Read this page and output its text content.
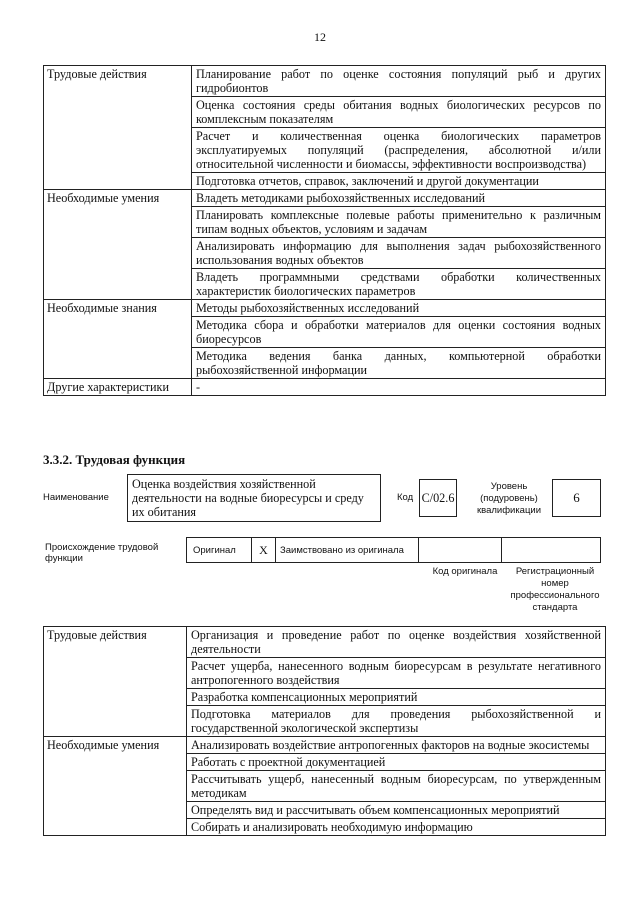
12
Трудовые действия	Планирование работ по оценке состояния популяций рыб и других гидробионтов
	Оценка состояния среды обитания водных биологических ресурсов по комплексным показателям
	Расчет и количественная оценка биологических параметров эксплуатируемых популяций (распределения, абсолютной и/или относительной численности и биомассы, эффективности воспроизводства)
	Подготовка отчетов, справок, заключений и другой документации
Необходимые умения	Владеть методиками рыбохозяйственных исследований
	Планировать комплексные полевые работы применительно к различным типам водных объектов, условиям и задачам
	Анализировать информацию для выполнения задач рыбохозяйственного использования водных объектов
	Владеть программными средствами обработки количественных характеристик биологических параметров
Необходимые знания	Методы рыбохозяйственных исследований
	Методика сбора и обработки материалов для оценки состояния водных биоресурсов
	Методика ведения банка данных, компьютерной обработки рыбохозяйственной информации
Другие характеристики	-
3.3.2. Трудовая функция
Наименование
Оценка воздействия хозяйственной деятельности на водные биоресурсы и среду их обитания
Код C/02.6
Уровень (подуровень) квалификации
6
Происхождение трудовой функции
Оригинал	X	Заимствовано из оригинала
Код оригинала	Регистрационный номер профессионального стандарта
Трудовые действия	Организация и проведение работ по оценке воздействия хозяйственной деятельности
	Расчет ущерба, нанесенного водным биоресурсам в результате негативного антропогенного воздействия
	Разработка компенсационных мероприятий
	Подготовка материалов для проведения рыбохозяйственной и государственной экологической экспертизы
Необходимые умения	Анализировать воздействие антропогенных факторов на водные экосистемы
	Работать с проектной документацией
	Рассчитывать ущерб, нанесенный водным биоресурсам, по утвержденным методикам
	Определять вид и рассчитывать объем компенсационных мероприятий
	Собирать и анализировать необходимую информацию
